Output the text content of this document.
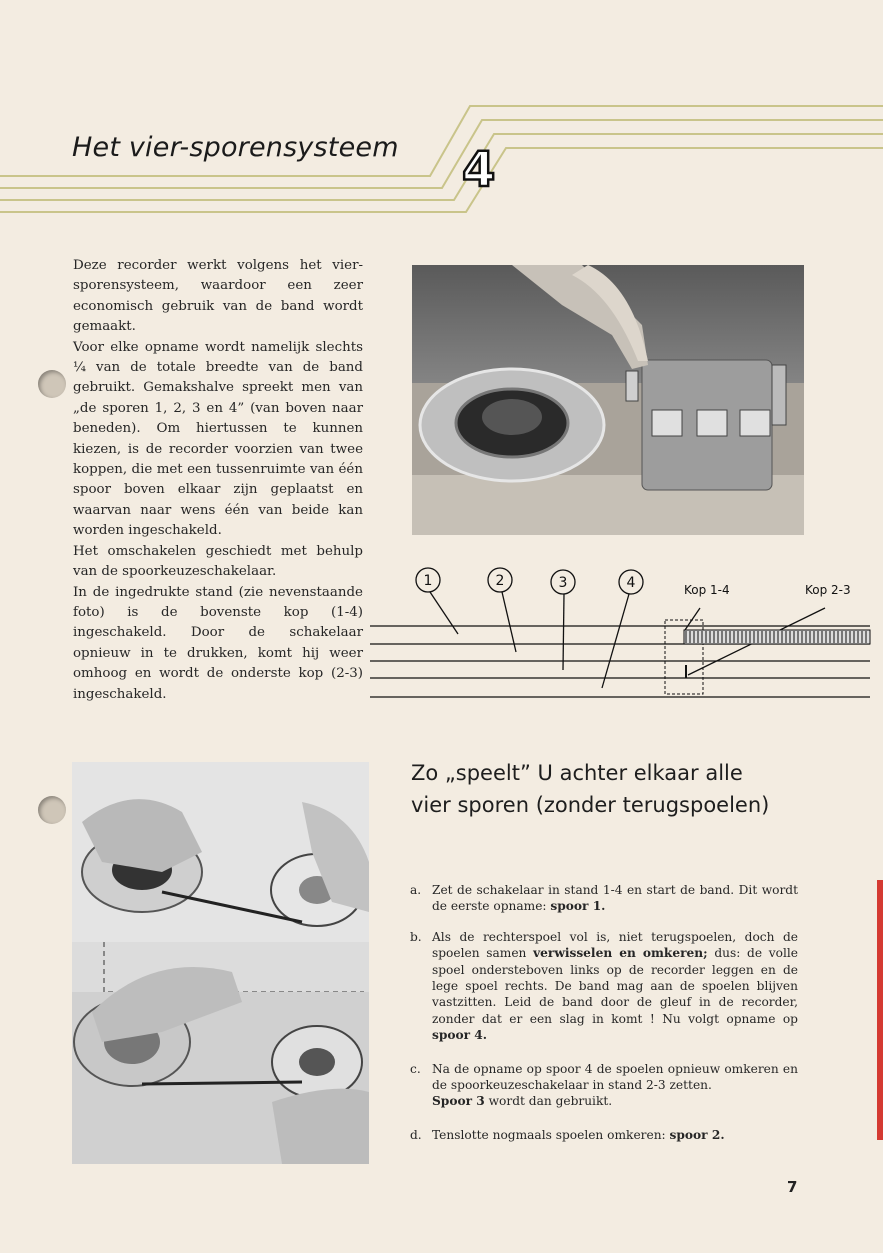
4
Het vier-sporensysteem

Deze recorder werkt volgens het vier-sporensysteem, waardoor een zeer economisch gebruik van de band wordt gemaakt.

Voor elke opname wordt namelijk slechts ¼ van de totale breedte van de band gebruikt. Gemakshalve spreekt men van „de sporen 1, 2, 3 en 4” (van boven naar beneden). Om hiertussen te kunnen kiezen, is de recorder voorzien van twee koppen, die met een tussenruimte van één spoor boven elkaar zijn geplaatst en waarvan naar wens één van beide kan worden ingeschakeld.

Het omschakelen geschiedt met behulp van de spoorkeuzeschakelaar.

In de ingedrukte stand (zie nevenstaande foto) is de bovenste kop (1-4) ingeschakeld. Door de schakelaar opnieuw in te drukken, komt hij weer omhoog en wordt de onderste kop (2-3) ingeschakeld.

1	2	3	4	Kop 1-4	Kop 2-3
Zo „speelt” U achter elkaar alle
vier sporen (zonder terugspoelen)
a. Zet de schakelaar in stand 1-4 en start de band. Dit wordt de eerste opname: spoor 1.
b. Als de rechterspoel vol is, niet terugspoelen, doch de spoelen samen verwisselen en omkeren; dus: de volle spoel ondersteboven links op de recorder leggen en de lege spoel rechts. De band mag aan de spoelen blijven vastzitten. Leid de band door de gleuf in de recorder, zonder dat er een slag in komt ! Nu volgt opname op spoor 4.
c. Na de opname op spoor 4 de spoelen opnieuw omkeren en de spoorkeuzeschakelaar in stand 2-3 zetten.

Spoor 3 wordt dan gebruikt.

d. Tenslotte nogmaals spoelen omkeren: spoor 2.
7
